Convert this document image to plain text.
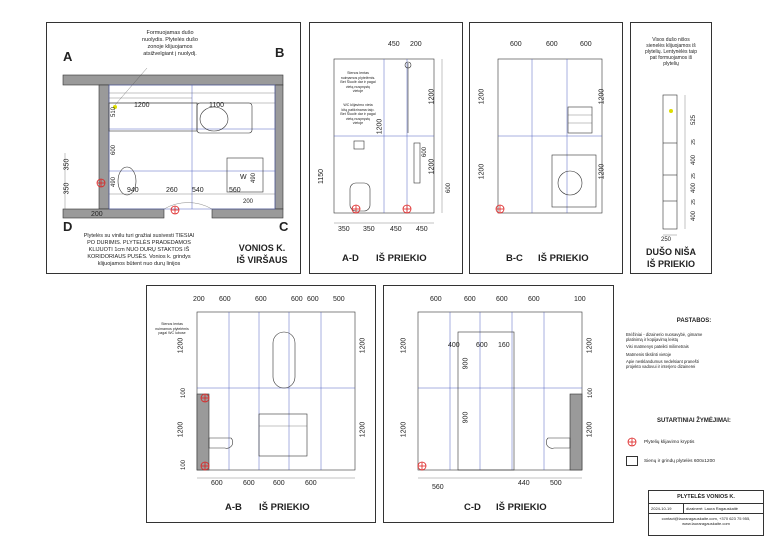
W
A	B
D	C
Formuojamas dušo
nuolydis. Plytelės dušo
zonoje klijuojamos
atsižvelgiant į nuolydį.
1200	1100
510
600
350
350
490
940	260 540	560
200
490
200
Plytelės su vinilu turi gražiai susivesti TIESIAI
PO DURIMIS. PLYTELĖS PRADEDAMOS
KLIJUOTI 1cm NUO DURŲ STAKTOS IŠ
KORIDORIAUS PUSĖS. Vonios k. grindys
klijuojamos būtent nuo durų linijos
VONIOS K.
IŠ VIRŠAUS
450 200
Stenos lentas
nuimamos plytelėmis.
Bet Šiuolė dar ir pagal
vietą nuspręstų
vietoje
WC klijavimo vieta
kitą patikrinama taip.
Bet Šiuolė dar ir pagal
vietą nuspręstų
vietoje
1200
1200
1150
1200
600
600
350 350 450 450
A-D IŠ PRIEKIO
600	600	600
1200
1200
1200
1200
B-C IŠ PRIEKIO
Visos dušo nišos
sienelės klijuojamos iš
plytelių. Lentynėlės taip
pat formuojamos iš
plytelių
525
25
400
25
400
25
400
250
DUŠO NIŠA
IŠ PRIEKIO
200 600	600	600 600 500
Stenos lentas
nuimamos plytelėmis
pagal WC lubose
1200
1200
1200
1200
100
100
600	600	600	600
A-B IŠ PRIEKIO
600	600	600	600	100
400 600 160
900
900
1200
1200
1200
1200
100
560
440	500
C-D IŠ PRIEKIO
PASTABOS:
Brėžiniai - dizainerio nuosavybė, gimame
platinimą ir kopijavimą leistų
Visi matmenys pateikti milimetrais
Matmenis tikslinti vietoje
Apie nesklandumus nedelsiant pranešti
projekto vadovui ir interjero dizainerei
SUTARTINIAI ŽYMĖJIMAI:
Plytelių klijavimo kryptis
Sienų ir grindų plytelės 600x1200
PLYTELĖS VONIOS K.
2024-10-19	dizainerė: Laura Ragauskaitė
contact@lauraragauskaite.com, +370 623 75 955,
www.lauraragauskaite.com
